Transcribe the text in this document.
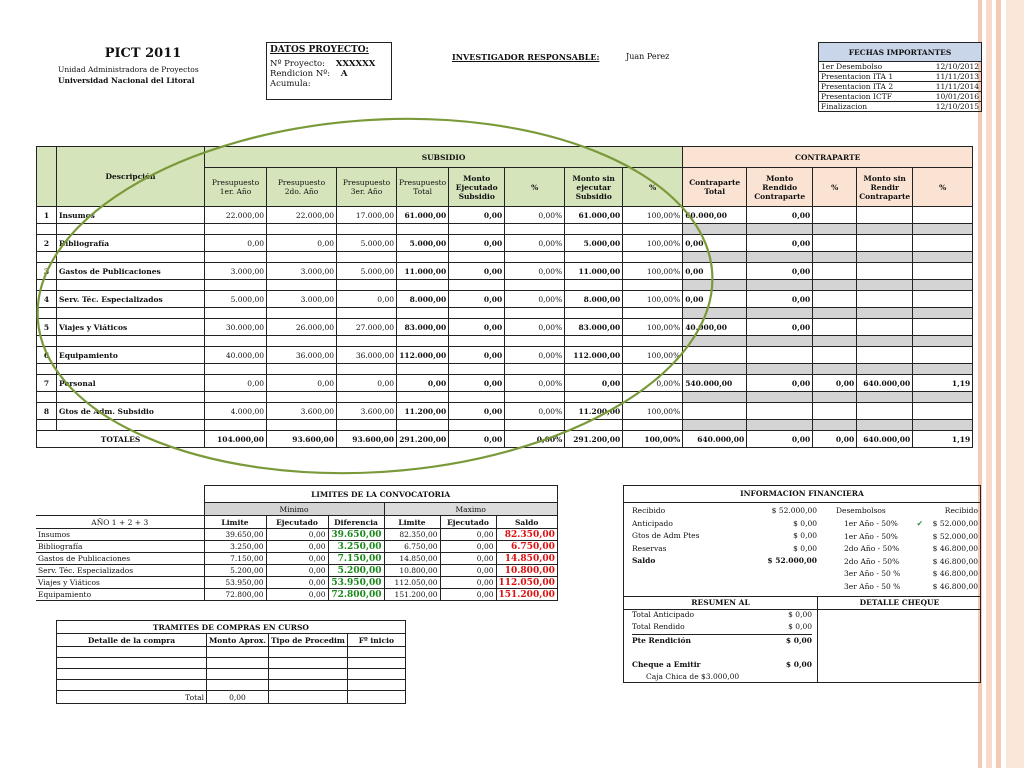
PICT 2011
Unidad Administradora de Proyectos
Universidad Nacional del Litoral
DATOS PROYECTO:
Nº Proyecto: XXXXXX
Rendicion Nº: A
Acumula:
INVESTIGADOR RESPONSABLE:	Juan Perez	FECHAS IMPORTANTES	
1er Desembolso	12/10/2012
Presentacion ITA 1	11/11/2013
Presentacion ITA 2	11/11/2014
Presentacion ICTF	10/01/2016
Finalizacion	12/10/2015
	Descripción	SUBSIDIO								CONTRAPARTE				
		Presupuesto 1er. Año	Presupuesto 2do. Año	Presupuesto 3er. Año	Presupuesto Total	Monto Ejecutado Subsidio	%	Monto sin ejecutar Subsidio	%	Contraparte Total	Monto Rendido Contraparte	%	Monto sin Rendir Contraparte	%
1	Insumos	22.000,00	22.000,00	17.000,00	61.000,00	0,00	0,00%	61.000,00	100,00%	60.000,00	0,00			

2	Bibliografía	0,00	0,00	5.000,00	5.000,00	0,00	0,00%	5.000,00	100,00%	0,00	0,00			

3	Gastos de Publicaciones	3.000,00	3.000,00	5.000,00	11.000,00	0,00	0,00%	11.000,00	100,00%	0,00	0,00			

4	Serv. Téc. Especializados	5.000,00	3.000,00	0,00	8.000,00	0,00	0,00%	8.000,00	100,00%	0,00	0,00			

5	Viajes y Viáticos	30.000,00	26.000,00	27.000,00	83.000,00	0,00	0,00%	83.000,00	100,00%	40.000,00	0,00			

6	Equipamiento	40.000,00	36.000,00	36.000,00	112.000,00	0,00	0,00%	112.000,00	100,00%					

7	Personal	0,00	0,00	0,00	0,00	0,00	0,00%	0,00	0,00%	540.000,00	0,00	0,00	640.000,00	1,19

8	Gtos de Adm. Subsidio	4.000,00	3.600,00	3.600,00	11.200,00	0,00	0,00%	11.200,00	100,00%					

TOTALES		104.000,00	93.600,00	93.600,00	291.200,00	0,00	0,00%	291.200,00	100,00%	640.000,00	0,00	0,00	640.000,00	1,19
	LIMITES DE LA CONVOCATORIA					
	Minimo			Maximo		
AÑO 1 + 2 + 3	Limite	Ejecutado	Diferencia	Limite	Ejecutado	Saldo
Insumos	39.650,00	0,00	39.650,00	82.350,00	0,00	82.350,00
Bibliografía	3.250,00	0,00	3.250,00	6.750,00	0,00	6.750,00
Gastos de Publicaciones	7.150,00	0,00	7.150,00	14.850,00	0,00	14.850,00
Serv. Téc. Especializados	5.200,00	0,00	5.200,00	10.800,00	0,00	10.800,00
Viajes y Viáticos	53.950,00	0,00	53.950,00	112.050,00	0,00	112.050,00
Equipamiento	72.800,00	0,00	72.800,00	151.200,00	0,00	151.200,00
TRAMITES DE COMPRAS EN CURSO			
Detalle de la compra	Monto Aprox.	Tipo de Procedim	Fº inicio

Total	0,00		
INFORMACION FINANCIERA
Recibido	$ 52.000,00
Anticipado	$ 0,00
Gtos de Adm Ptes	$ 0,00
Reservas	$ 0,00
Saldo	$ 52.000,00
Desembolsos	Recibido
1er Año - 50%	✔	$ 52.000,00
1er Año - 50%	$ 52.000,00
2do Año - 50%	$ 46.800,00
2do Año - 50%	$ 46.800,00
3er Año - 50 %	$ 46.800,00
3er Año - 50 %	$ 46.800,00
RESUMEN AL	DETALLE CHEQUE
Total Anticipado	$ 0,00
Total Rendido	$ 0,00
Pte Rendición	$ 0,00
Cheque a Emitir	$ 0,00
Caja Chica de $3.000,00
